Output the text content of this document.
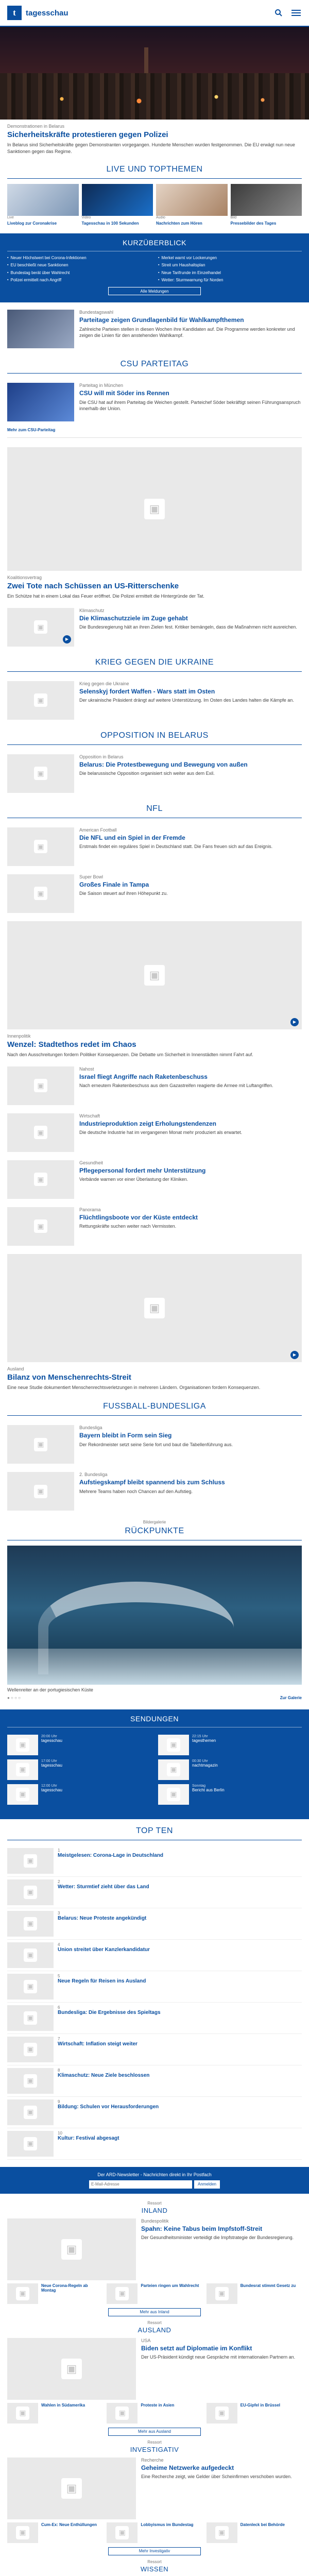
t	tagesschau
Demonstrationen in Belarus
Sicherheitskräfte protestieren gegen Polizei
In Belarus sind Sicherheitskräfte gegen Demonstranten vorgegangen. Hunderte Menschen wurden festgenommen. Die EU erwägt nun neue Sanktionen gegen das Regime.
LIVE UND TOPTHEMEN
Live
Liveblog zur Coronakrise
Video
Tagesschau in 100 Sekunden
Audio
Nachrichten zum Hören
Bild
Pressebilder des Tages
KURZÜBERBLICK
▪ Neuer Höchstwert bei Corona-Infektionen	▪ Merkel warnt vor Lockerungen
▪ EU beschließt neue Sanktionen	▪ Streit um Haushaltsplan
▪ Bundestag berät über Wahlrecht	▪ Neue Tarifrunde im Einzelhandel
▪ Polizei ermittelt nach Angriff	▪ Wetter: Sturmwarnung für Norden
Alle Meldungen
Bundestagswahl
Parteitage zeigen Grundlagenbild für Wahlkampfthemen
Zahlreiche Parteien stellen in diesen Wochen ihre Kandidaten auf. Die Programme werden konkreter und zeigen die Linien für den anstehenden Wahlkampf.
CSU PARTEITAG
Parteitag in München
CSU will mit Söder ins Rennen
Die CSU hat auf ihrem Parteitag die Weichen gestellt. Parteichef Söder bekräftigt seinen Führungsanspruch innerhalb der Union.
Mehr zum CSU-Parteitag
▣
Koalitionsvertrag
Zwei Tote nach Schüssen an US-Ritterschenke
Ein Schütze hat in einem Lokal das Feuer eröffnet. Die Polizei ermittelt die Hintergründe der Tat.
▣
▶
Klimaschutz
Die Klimaschutzziele im Zuge gehabt
Die Bundesregierung hält an ihren Zielen fest. Kritiker bemängeln, dass die Maßnahmen nicht ausreichen.
KRIEG GEGEN DIE UKRAINE
▣
Krieg gegen die Ukraine
Selenskyj fordert Waffen - Wars statt im Osten
Der ukrainische Präsident drängt auf weitere Unterstützung. Im Osten des Landes halten die Kämpfe an.
OPPOSITION IN BELARUS
▣
Opposition in Belarus
Belarus: Die Protestbewegung und Bewegung von außen
Die belarussische Opposition organisiert sich weiter aus dem Exil.
NFL
▣
American Football
Die NFL und ein Spiel in der Fremde
Erstmals findet ein reguläres Spiel in Deutschland statt. Die Fans freuen sich auf das Ereignis.
▣
Super Bowl
Großes Finale in Tampa
Die Saison steuert auf ihren Höhepunkt zu.
▣
▶
Innenpolitik
Wenzel: Stadtethos redet im Chaos
Nach den Ausschreitungen fordern Politiker Konsequenzen. Die Debatte um Sicherheit in Innenstädten nimmt Fahrt auf.
▣
Nahost
Israel fliegt Angriffe nach Raketenbeschuss
Nach erneutem Raketenbeschuss aus dem Gazastreifen reagierte die Armee mit Luftangriffen.
▣
Wirtschaft
Industrieproduktion zeigt Erholungstendenzen
Die deutsche Industrie hat im vergangenen Monat mehr produziert als erwartet.
▣
Gesundheit
Pflegepersonal fordert mehr Unterstützung
Verbände warnen vor einer Überlastung der Kliniken.
▣
Panorama
Flüchtlingsboote vor der Küste entdeckt
Rettungskräfte suchen weiter nach Vermissten.
▣
▶
Ausland
Bilanz von Menschenrechts-Streit
Eine neue Studie dokumentiert Menschenrechtsverletzungen in mehreren Ländern. Organisationen fordern Konsequenzen.
FUSSBALL-BUNDESLIGA
▣
Bundesliga
Bayern bleibt in Form sein Sieg
Der Rekordmeister setzt seine Serie fort und baut die Tabellenführung aus.
▣
2. Bundesliga
Aufstiegskampf bleibt spannend bis zum Schluss
Mehrere Teams haben noch Chancen auf den Aufstieg.
Bildergalerie
RÜCKPUNKTE
Wellenreiter an der portugiesischen Küste
● ○ ○ ○	Zur Galerie
SENDUNGEN
▣
20:00 Uhr
tagesschau	▣
22:15 Uhr
tagesthemen
▣
17:00 Uhr
tagesschau	▣
00:30 Uhr
nachtmagazin
▣
12:00 Uhr
tagesschau	▣
Sonntag
Bericht aus Berlin
TOP TEN
▣
1
Meistgelesen: Corona-Lage in Deutschland
▣
2
Wetter: Sturmtief zieht über das Land
▣
3
Belarus: Neue Proteste angekündigt
▣
4
Union streitet über Kanzlerkandidatur
▣
5
Neue Regeln für Reisen ins Ausland
▣
6
Bundesliga: Die Ergebnisse des Spieltags
▣
7
Wirtschaft: Inflation steigt weiter
▣
8
Klimaschutz: Neue Ziele beschlossen
▣
9
Bildung: Schulen vor Herausforderungen
▣
10
Kultur: Festival abgesagt
Der ARD-Newsletter - Nachrichten direkt in Ihr Postfach
E-Mail-Adresse
Anmelden
Ressort
INLAND
▣
Bundespolitik
Spahn: Keine Tabus beim Impfstoff-Streit
Der Gesundheitsminister verteidigt die Impfstrategie der Bundesregierung.
▣
Neue Corona-Regeln ab Montag	▣
Parteien ringen um Wahlrecht
▣
Bundesrat stimmt Gesetz zu
Mehr aus Inland
Ressort
AUSLAND
▣
USA
Biden setzt auf Diplomatie im Konflikt
Der US-Präsident kündigt neue Gespräche mit internationalen Partnern an.
▣
Wahlen in Südamerika
▣
Proteste in Asien
▣
EU-Gipfel in Brüssel
Mehr aus Ausland
Ressort
INVESTIGATIV
▣
Recherche
Geheime Netzwerke aufgedeckt
Eine Recherche zeigt, wie Gelder über Scheinfirmen verschoben wurden.
▣
Cum-Ex: Neue Enthüllungen
▣
Lobbyismus im Bundestag
▣
Datenleck bei Behörde
Mehr Investigativ
Ressort
WISSEN
